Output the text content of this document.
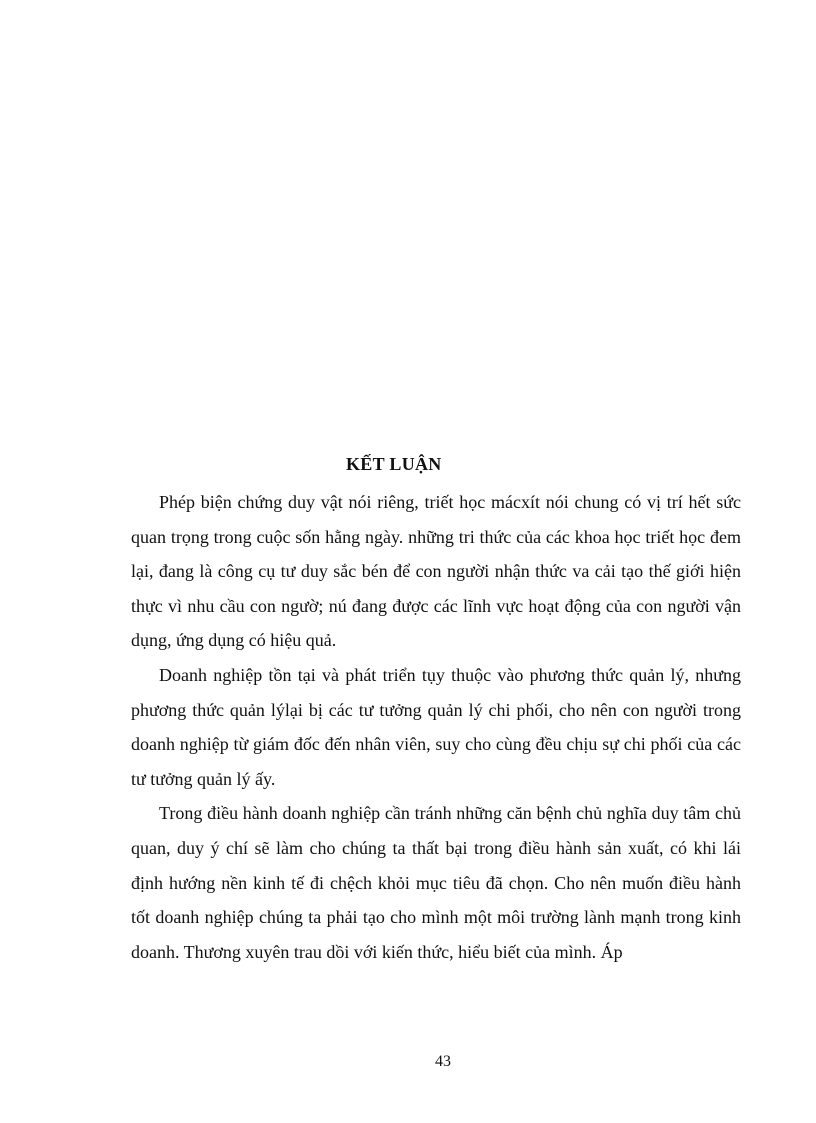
KẾT LUẬN

Phép biện chứng duy vật nói riêng, triết học mácxít nói chung có vị trí hết sức quan trọng trong cuộc sốn hằng ngày. những tri thức của các khoa học triết học đem lại, đang là công cụ tư duy sắc bén để con người nhận thức va cải tạo thế giới hiện thực vì nhu cầu con ngườ; nú đang được các lĩnh vực hoạt động của con người vận dụng, ứng dụng có hiệu quả.

Doanh nghiệp tồn tại và phát triển tụy thuộc vào phương thức quản lý, nhưng phương thức quản lýlại bị các tư tưởng quản lý chi phối, cho nên con người trong doanh nghiệp từ giám đốc đến nhân viên, suy cho cùng đều chịu sự chi phối của các tư tưởng quản lý ấy.

Trong điều hành doanh nghiệp cần tránh những căn bệnh chủ nghĩa duy tâm chủ quan, duy ý chí sẽ làm cho chúng ta thất bại trong điều hành sản xuất, có khi lái định hướng nền kinh tế đi chệch khỏi mục tiêu đã chọn. Cho nên muốn điều hành tốt doanh nghiệp chúng ta phải tạo cho mình một môi trường lành mạnh trong kinh doanh. Thương xuyên trau dồi với kiến thức, hiểu biết của mình. Áp

43
